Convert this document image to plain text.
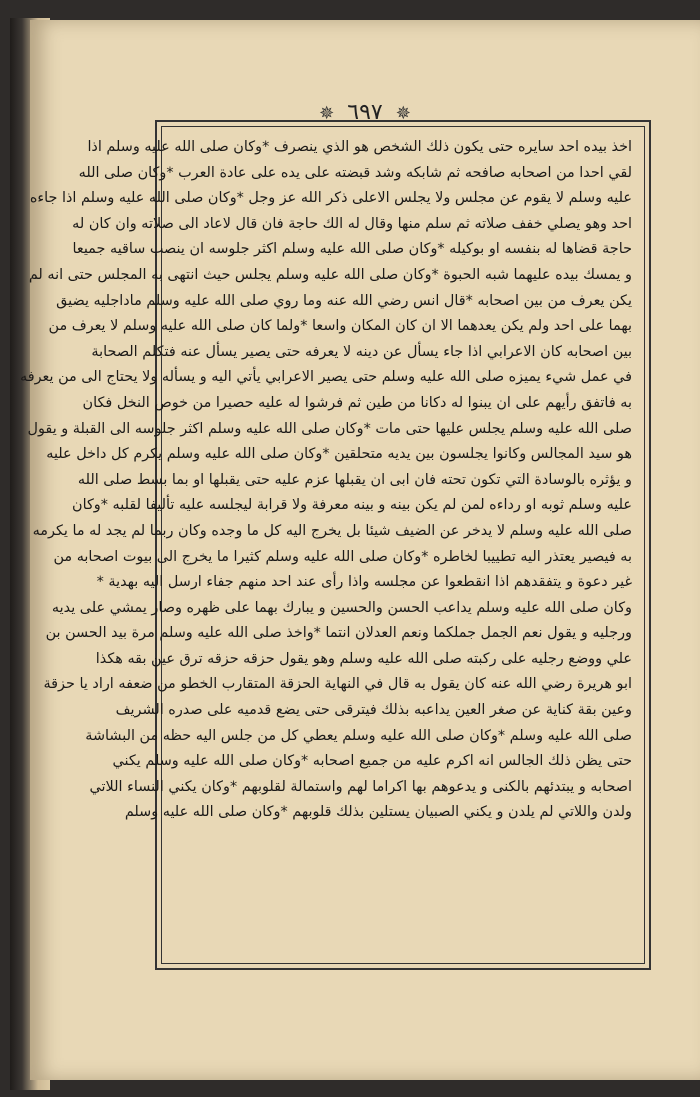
✵ ٦٩٧ ✵
اخذ بيده احد سايره حتى يكون ذلك الشخص هو الذي ينصرف *وكان صلى الله عليه وسلم اذا
لقي احدا من اصحابه صافحه ثم شابكه وشد قبضته على يده على عادة العرب *وكان صلى الله
عليه وسلم لا يقوم عن مجلس ولا يجلس الاعلى ذكر الله عز وجل *وكان صلى الله عليه وسلم اذا جاءه
احد وهو يصلي خفف صلاته ثم سلم منها وقال له الك حاجة فان قال لاعاد الى صلاته وان كان له
حاجة قضاها له بنفسه او بوكيله *وكان صلى الله عليه وسلم اكثر جلوسه ان ينصب ساقيه جميعا
و يمسك بيده عليهما شبه الحبوة *وكان صلى الله عليه وسلم يجلس حيث انتهى به المجلس حتى انه لم
يكن يعرف من بين اصحابه *قال انس رضي الله عنه وما روي صلى الله عليه وسلم ماداجليه يضيق
بهما على احد ولم يكن يعدهما الا ان كان المكان واسعا *ولما كان صلى الله عليه وسلم لا يعرف من
بين اصحابه كان الاعرابي اذا جاء يسأل عن دينه لا يعرفه حتى يصير يسأل عنه فتكلم الصحابة
في عمل شيء يميزه صلى الله عليه وسلم حتى يصير الاعرابي يأتي اليه و يسأله ولا يحتاج الى من يعرفه
به فاتفق رأيهم على ان يبنوا له دكانا من طين ثم فرشوا له عليه حصيرا من خوص النخل فكان
صلى الله عليه وسلم يجلس عليها حتى مات *وكان صلى الله عليه وسلم اكثر جلوسه الى القبلة و يقول
هو سيد المجالس وكانوا يجلسون بين يديه متحلقين *وكان صلى الله عليه وسلم يكرم كل داخل عليه
و يؤثره بالوسادة التي تكون تحته فان ابى ان يقبلها عزم عليه حتى يقبلها او بما بسط صلى الله
عليه وسلم ثوبه او رداءه لمن لم يكن بينه و بينه معرفة ولا قرابة ليجلسه عليه تأليفا لقلبه *وكان
صلى الله عليه وسلم لا يدخر عن الضيف شيئا بل يخرج اليه كل ما وجده وكان ربما لم يجد له ما يكرمه
به فيصير يعتذر اليه تطييبا لخاطره *وكان صلى الله عليه وسلم كثيرا ما يخرج الى بيوت اصحابه من
غير دعوة و يتفقدهم اذا انقطعوا عن مجلسه واذا رأى عند احد منهم جفاء ارسل اليه بهدية *
وكان صلى الله عليه وسلم يداعب الحسن والحسين و يبارك بهما على ظهره وصار يمشي على يديه
ورجليه و يقول نعم الجمل جملكما ونعم العدلان انتما *واخذ صلى الله عليه وسلم مرة بيد الحسن بن
علي ووضع رجليه على ركبته صلى الله عليه وسلم وهو يقول حزقه حزقه ترق عين بقه هكذا
ابو هريرة رضي الله عنه كان يقول به قال في النهاية الحزقة المتقارب الخطو من ضعفه اراد يا حزقة
وعين بقة كناية عن صغر العين يداعبه بذلك فيترقى حتى يضع قدميه على صدره الشريف
صلى الله عليه وسلم *وكان صلى الله عليه وسلم يعطي كل من جلس اليه حظه من البشاشة
حتى يظن ذلك الجالس انه اكرم عليه من جميع اصحابه *وكان صلى الله عليه وسلم يكني
اصحابه و يبتدئهم بالكنى و يدعوهم بها اكراما لهم واستمالة لقلوبهم *وكان يكني النساء اللاتي
ولدن واللاتي لم يلدن و يكني الصبيان يستلين بذلك قلوبهم *وكان صلى الله عليه وسلم
